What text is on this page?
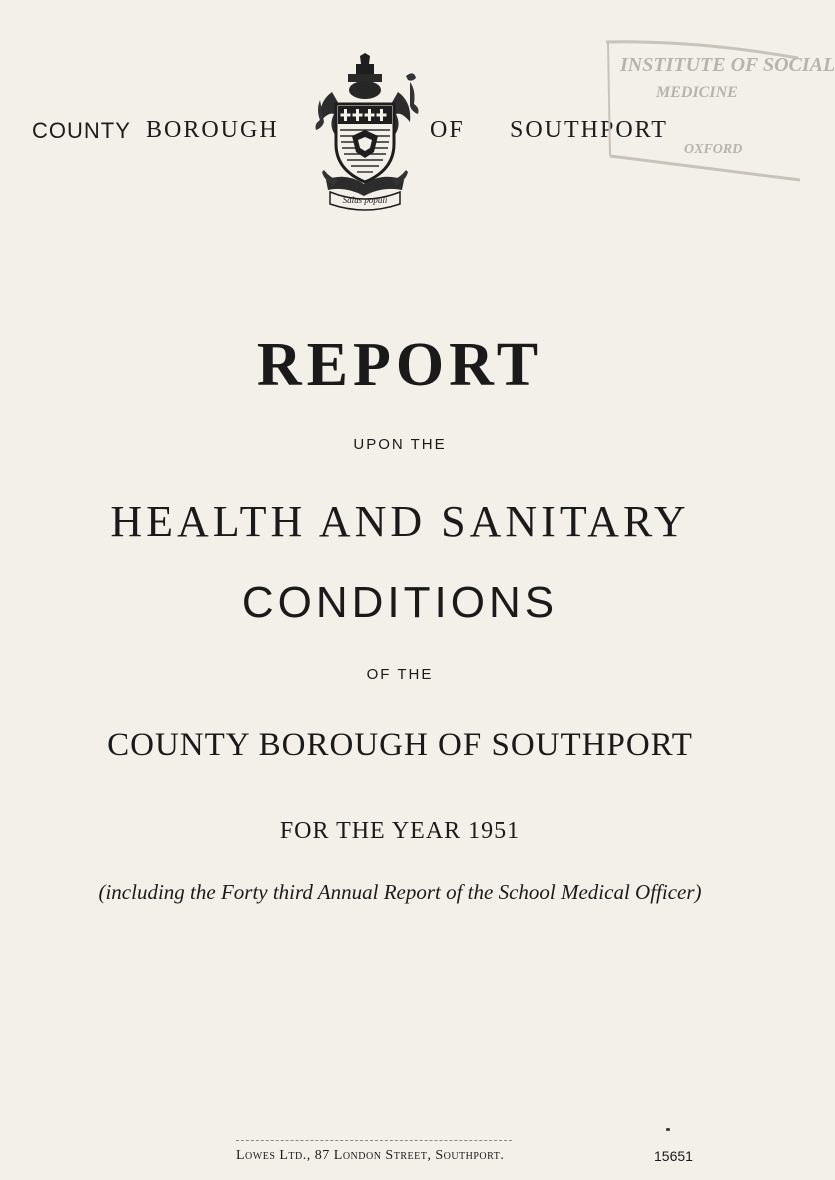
COUNTY BOROUGH	OF SOUTHPORT
Salus populi
INSTITUTE OF SOCIAL
MEDICINE
OXFORD
REPORT
UPON THE
HEALTH AND SANITARY
CONDITIONS
OF THE
COUNTY BOROUGH OF SOUTHPORT
FOR THE YEAR 1951
(including the Forty third Annual Report of the School Medical Officer)
Lowes Ltd., 87 London Street, Southport.	15651
